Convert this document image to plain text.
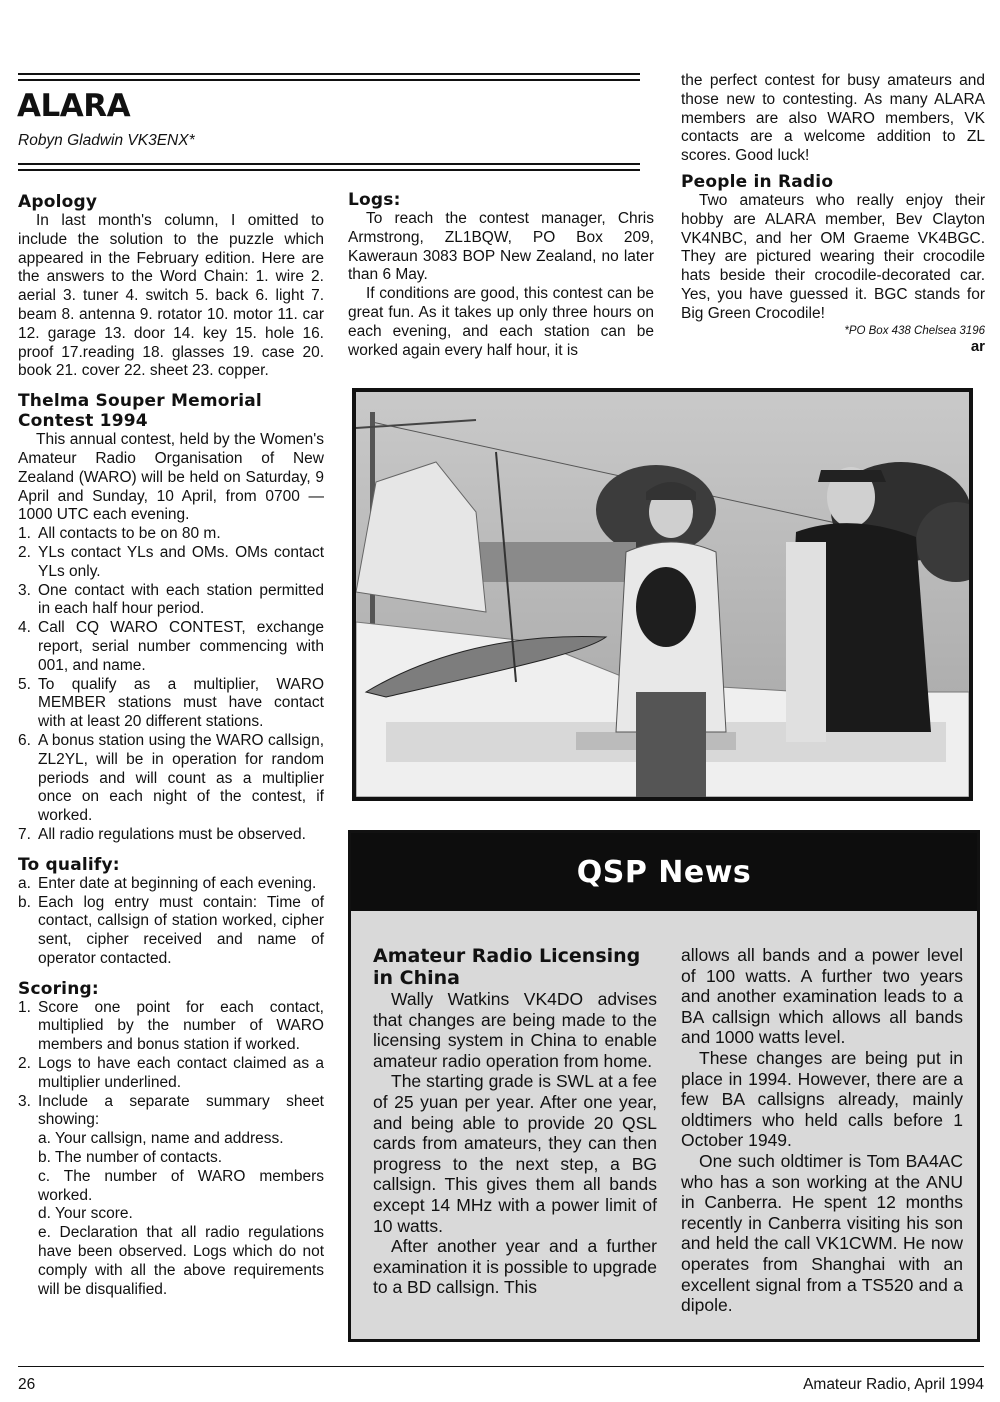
ALARA
Robyn Gladwin VK3ENX*
Apology

In last month's column, I omitted to include the solution to the puzzle which appeared in the February edition. Here are the answers to the Word Chain: 1. wire 2. aerial 3. tuner 4. switch 5. back 6. light 7. beam 8. antenna 9. rotator 10. motor 11. car 12. garage 13. door 14. key 15. hole 16. proof 17.reading 18. glasses 19. case 20. book 21. cover 22. sheet 23. copper.

Thelma Souper Memorial Contest 1994

This annual contest, held by the Women's Amateur Radio Organisation of New Zealand (WARO) will be held on Saturday, 9 April and Sunday, 10 April, from 0700 — 1000 UTC each evening.

1. All contacts to be on 80 m.
2. YLs contact YLs and OMs. OMs contact YLs only.
3. One contact with each station permitted in each half hour period.
4. Call CQ WARO CONTEST, exchange report, serial number commencing with 001, and name.
5. To qualify as a multiplier, WARO MEMBER stations must have contact with at least 20 different stations.
6. A bonus station using the WARO callsign, ZL2YL, will be in operation for random periods and will count as a multiplier once on each night of the contest, if worked.
7. All radio regulations must be observed.
To qualify:
a. Enter date at beginning of each evening.
b. Each log entry must contain: Time of contact, callsign of station worked, cipher sent, cipher received and name of operator contacted.
Scoring:
1. Score one point for each contact, multiplied by the number of WARO members and bonus station if worked.
2. Logs to have each contact claimed as a multiplier underlined.
3. Include a separate summary sheet showing:
a. Your callsign, name and address.
b. The number of contacts.
c. The number of WARO members worked.
d. Your score.
e. Declaration that all radio regulations have been observed. Logs which do not comply with all the above requirements will be disqualified.
Logs:

To reach the contest manager, Chris Armstrong, ZL1BQW, PO Box 209, Kaweraun 3083 BOP New Zealand, no later than 6 May.

If conditions are good, this contest can be great fun. As it takes up only three hours on each evening, and each station can be worked again every half hour, it is

the perfect contest for busy amateurs and those new to contesting. As many ALARA members are also WARO members, VK contacts are a welcome addition to ZL scores. Good luck!

People in Radio

Two amateurs who really enjoy their hobby are ALARA member, Bev Clayton VK4NBC, and her OM Graeme VK4BGC. They are pictured wearing their crocodile hats beside their crocodile-decorated car. Yes, you have guessed it. BGC stands for Big Green Crocodile!

*PO Box 438 Chelsea 3196
ar
QSP News
Amateur Radio Licensing in China

Wally Watkins VK4DO advises that changes are being made to the licensing system in China to enable amateur radio operation from home.

The starting grade is SWL at a fee of 25 yuan per year. After one year, and being able to provide 20 QSL cards from amateurs, they can then progress to the next step, a BG callsign. This gives them all bands except 14 MHz with a power limit of 10 watts.

After another year and a further examination it is possible to upgrade to a BD callsign. This

allows all bands and a power level of 100 watts. A further two years and another examination leads to a BA callsign which allows all bands and 1000 watts level.

These changes are being put in place in 1994. However, there are a few BA callsigns already, mainly oldtimers who held calls before 1 October 1949.

One such oldtimer is Tom BA4AC who has a son working at the ANU in Canberra. He spent 12 months recently in Canberra visiting his son and held the call VK1CWM. He now operates from Shanghai with an excellent signal from a TS520 and a dipole.

26	Amateur Radio, April 1994
